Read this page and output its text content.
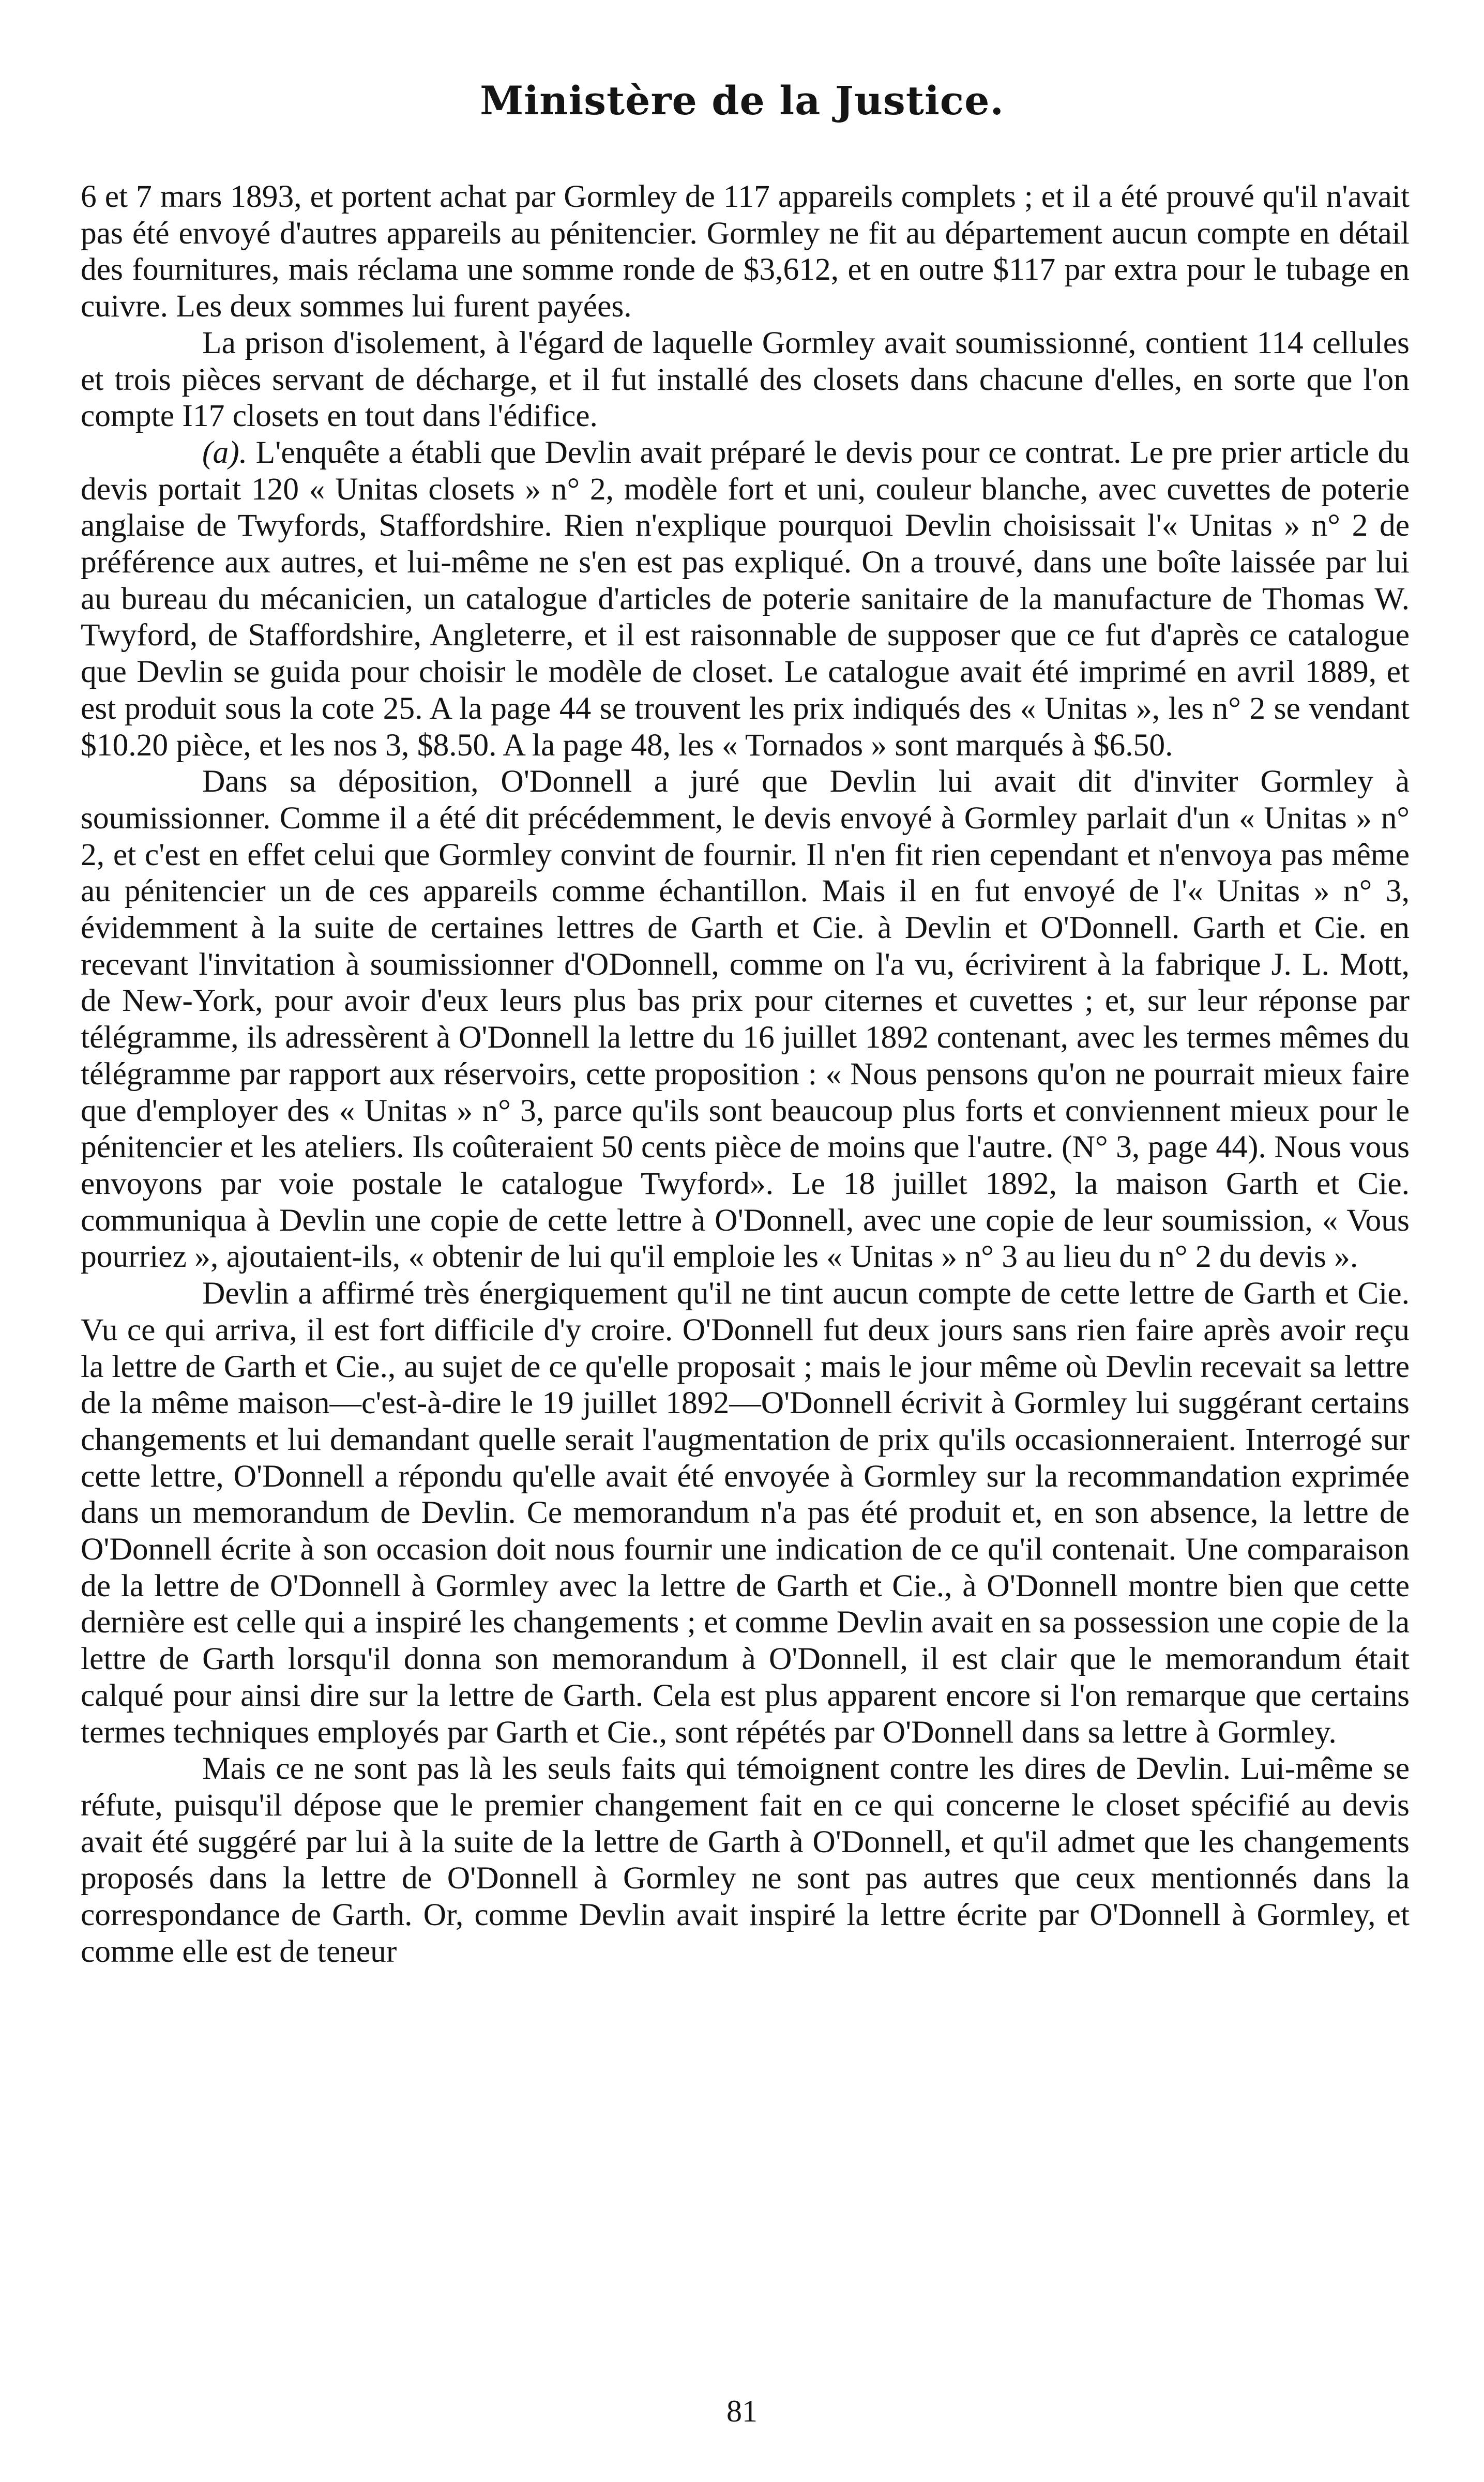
Ministère de la Justice.

6 et 7 mars 1893, et portent achat par Gormley de 117 appareils complets ; et il a été prouvé qu'il n'avait pas été envoyé d'autres appareils au pénitencier. Gormley ne fit au département aucun compte en détail des fournitures, mais réclama une somme ronde de $3,612, et en outre $117 par extra pour le tubage en cuivre. Les deux sommes lui furent payées.

La prison d'isolement, à l'égard de laquelle Gormley avait soumissionné, contient 114 cellules et trois pièces servant de décharge, et il fut installé des closets dans chacune d'elles, en sorte que l'on compte I17 closets en tout dans l'édifice.

(a). L'enquête a établi que Devlin avait préparé le devis pour ce contrat. Le pre prier article du devis portait 120 « Unitas closets » n° 2, modèle fort et uni, couleur blanche, avec cuvettes de poterie anglaise de Twyfords, Staffordshire. Rien n'explique pourquoi Devlin choisissait l'« Unitas » n° 2 de préférence aux autres, et lui-même ne s'en est pas expliqué. On a trouvé, dans une boîte laissée par lui au bureau du mécanicien, un catalogue d'articles de poterie sanitaire de la manufacture de Thomas W. Twyford, de Staffordshire, Angleterre, et il est raisonnable de supposer que ce fut d'après ce catalogue que Devlin se guida pour choisir le modèle de closet. Le catalogue avait été imprimé en avril 1889, et est produit sous la cote 25. A la page 44 se trouvent les prix indiqués des « Unitas », les n° 2 se vendant $10.20 pièce, et les nos 3, $8.50. A la page 48, les « Tornados » sont marqués à $6.50.

Dans sa déposition, O'Donnell a juré que Devlin lui avait dit d'inviter Gormley à soumissionner. Comme il a été dit précédemment, le devis envoyé à Gormley parlait d'un « Unitas » n° 2, et c'est en effet celui que Gormley convint de fournir. Il n'en fit rien cependant et n'envoya pas même au pénitencier un de ces appareils comme échantillon. Mais il en fut envoyé de l'« Unitas » n° 3, évidemment à la suite de certaines lettres de Garth et Cie. à Devlin et O'Donnell. Garth et Cie. en recevant l'invitation à soumissionner d'ODonnell, comme on l'a vu, écrivirent à la fabrique J. L. Mott, de New-York, pour avoir d'eux leurs plus bas prix pour citernes et cuvettes ; et, sur leur réponse par télégramme, ils adressèrent à O'Donnell la lettre du 16 juillet 1892 contenant, avec les termes mêmes du télégramme par rapport aux réservoirs, cette proposition : « Nous pensons qu'on ne pourrait mieux faire que d'employer des « Unitas » n° 3, parce qu'ils sont beaucoup plus forts et conviennent mieux pour le pénitencier et les ateliers. Ils coûteraient 50 cents pièce de moins que l'autre. (N° 3, page 44). Nous vous envoyons par voie postale le catalogue Twyford». Le 18 juillet 1892, la maison Garth et Cie. communiqua à Devlin une copie de cette lettre à O'Donnell, avec une copie de leur soumission, « Vous pourriez », ajoutaient-ils, « obtenir de lui qu'il emploie les « Unitas » n° 3 au lieu du n° 2 du devis ».

Devlin a affirmé très énergiquement qu'il ne tint aucun compte de cette lettre de Garth et Cie. Vu ce qui arriva, il est fort difficile d'y croire. O'Donnell fut deux jours sans rien faire après avoir reçu la lettre de Garth et Cie., au sujet de ce qu'elle proposait ; mais le jour même où Devlin recevait sa lettre de la même maison—c'est-à-dire le 19 juillet 1892—O'Donnell écrivit à Gormley lui suggérant certains changements et lui demandant quelle serait l'augmentation de prix qu'ils occasionneraient. Interrogé sur cette lettre, O'Donnell a répondu qu'elle avait été envoyée à Gormley sur la recommandation exprimée dans un memorandum de Devlin. Ce memorandum n'a pas été produit et, en son absence, la lettre de O'Donnell écrite à son occasion doit nous fournir une indication de ce qu'il contenait. Une comparaison de la lettre de O'Donnell à Gormley avec la lettre de Garth et Cie., à O'Donnell montre bien que cette dernière est celle qui a inspiré les changements ; et comme Devlin avait en sa possession une copie de la lettre de Garth lorsqu'il donna son memorandum à O'Donnell, il est clair que le memorandum était calqué pour ainsi dire sur la lettre de Garth. Cela est plus apparent encore si l'on remarque que certains termes techniques employés par Garth et Cie., sont répétés par O'Donnell dans sa lettre à Gormley.

Mais ce ne sont pas là les seuls faits qui témoignent contre les dires de Devlin. Lui-même se réfute, puisqu'il dépose que le premier changement fait en ce qui concerne le closet spécifié au devis avait été suggéré par lui à la suite de la lettre de Garth à O'Donnell, et qu'il admet que les changements proposés dans la lettre de O'Donnell à Gormley ne sont pas autres que ceux mentionnés dans la correspondance de Garth. Or, comme Devlin avait inspiré la lettre écrite par O'Donnell à Gormley, et comme elle est de teneur

81
